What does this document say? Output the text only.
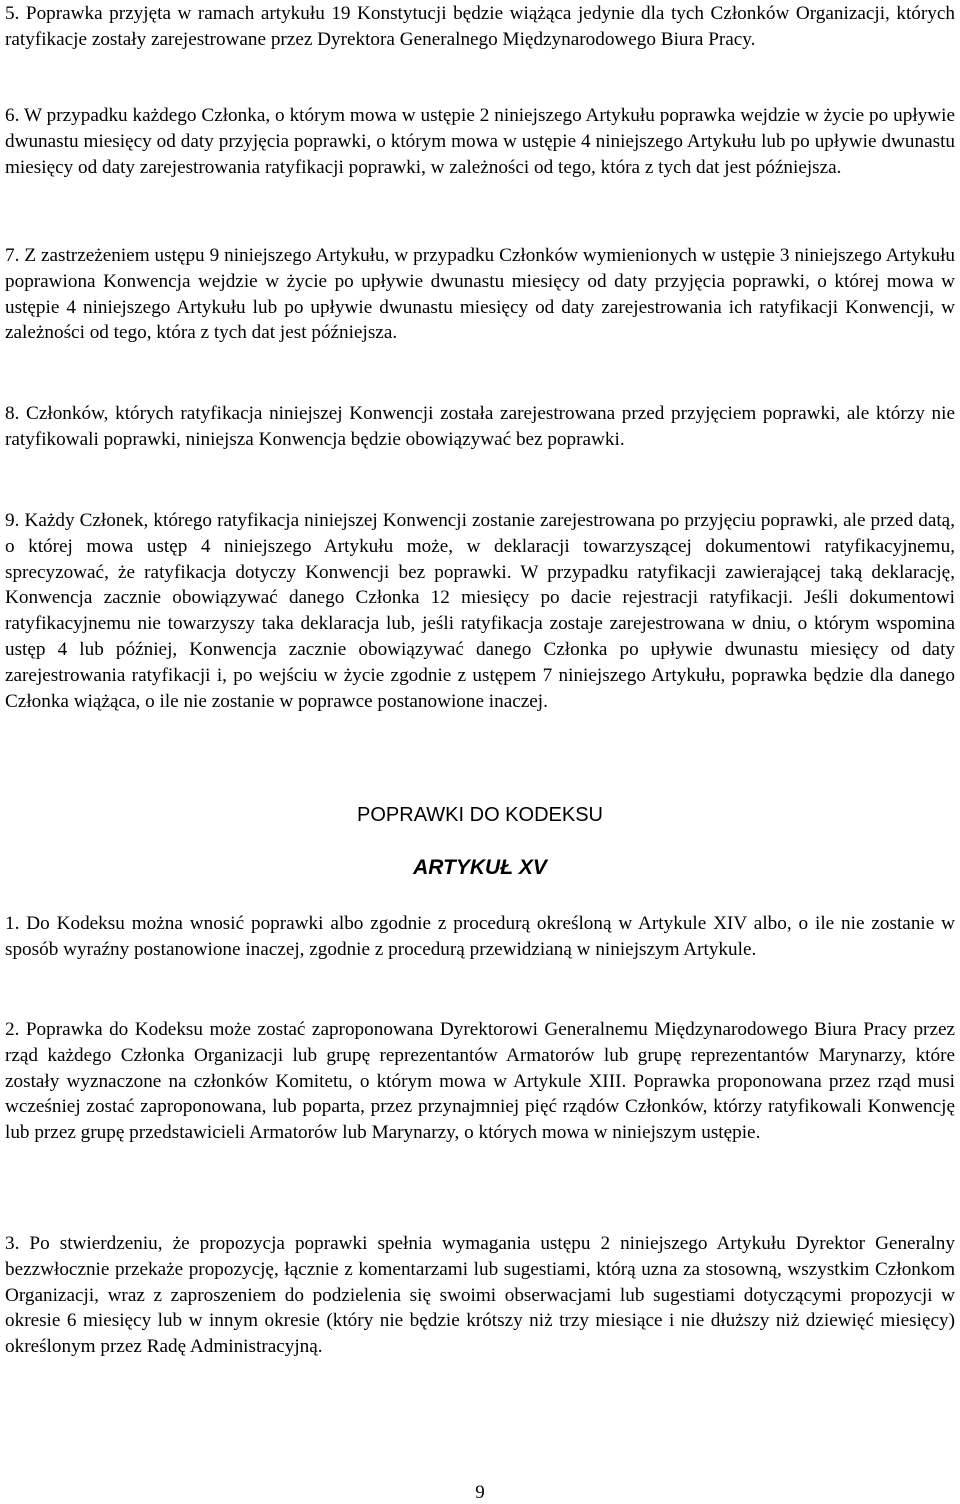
5. Poprawka przyjęta w ramach artykułu 19 Konstytucji będzie wiążąca jedynie dla tych Członków Organizacji, których ratyfikacje zostały zarejestrowane przez Dyrektora Generalnego Międzynarodowego Biura Pracy.

6. W przypadku każdego Członka, o którym mowa w ustępie 2 niniejszego Artykułu poprawka wejdzie w życie po upływie dwunastu miesięcy od daty przyjęcia poprawki, o którym mowa w ustępie 4 niniejszego Artykułu lub po upływie dwunastu miesięcy od daty zarejestrowania ratyfikacji poprawki, w zależności od tego, która z tych dat jest późniejsza.

7. Z zastrzeżeniem ustępu 9 niniejszego Artykułu, w przypadku Członków wymienionych w ustępie 3 niniejszego Artykułu poprawiona Konwencja wejdzie w życie po upływie dwunastu miesięcy od daty przyjęcia poprawki, o której mowa w ustępie 4 niniejszego Artykułu lub po upływie dwunastu miesięcy od daty zarejestrowania ich ratyfikacji Konwencji, w zależności od tego, która z tych dat jest późniejsza.

8. Członków, których ratyfikacja niniejszej Konwencji została zarejestrowana przed przyjęciem poprawki, ale którzy nie ratyfikowali poprawki, niniejsza Konwencja będzie obowiązywać bez poprawki.

9. Każdy Członek, którego ratyfikacja niniejszej Konwencji zostanie zarejestrowana po przyjęciu poprawki, ale przed datą, o której mowa ustęp 4 niniejszego Artykułu może, w deklaracji towarzyszącej dokumentowi ratyfikacyjnemu, sprecyzować, że ratyfikacja dotyczy Konwencji bez poprawki. W przypadku ratyfikacji zawierającej taką deklarację, Konwencja zacznie obowiązywać danego Członka 12 miesięcy po dacie rejestracji ratyfikacji. Jeśli dokumentowi ratyfikacyjnemu nie towarzyszy taka deklaracja lub, jeśli ratyfikacja zostaje zarejestrowana w dniu, o którym wspomina ustęp 4 lub później, Konwencja zacznie obowiązywać danego Członka po upływie dwunastu miesięcy od daty zarejestrowania ratyfikacji i, po wejściu w życie zgodnie z ustępem 7 niniejszego Artykułu, poprawka będzie dla danego Członka wiążąca, o ile nie zostanie w poprawce postanowione inaczej.

POPRAWKI DO KODEKSU
ARTYKUŁ XV

1. Do Kodeksu można wnosić poprawki albo zgodnie z procedurą określoną w Artykule XIV albo, o ile nie zostanie w sposób wyraźny postanowione inaczej, zgodnie z procedurą przewidzianą w niniejszym Artykule.

2. Poprawka do Kodeksu może zostać zaproponowana Dyrektorowi Generalnemu Międzynarodowego Biura Pracy przez rząd każdego Członka Organizacji lub grupę reprezentantów Armatorów lub grupę reprezentantów Marynarzy, które zostały wyznaczone na członków Komitetu, o którym mowa w Artykule XIII. Poprawka proponowana przez rząd musi wcześniej zostać zaproponowana, lub poparta, przez przynajmniej pięć rządów Członków, którzy ratyfikowali Konwencję lub przez grupę przedstawicieli Armatorów lub Marynarzy, o których mowa w niniejszym ustępie.

3. Po stwierdzeniu, że propozycja poprawki spełnia wymagania ustępu 2 niniejszego Artykułu Dyrektor Generalny bezzwłocznie przekaże propozycję, łącznie z komentarzami lub sugestiami, którą uzna za stosowną, wszystkim Członkom Organizacji, wraz z zaproszeniem do podzielenia się swoimi obserwacjami lub sugestiami dotyczącymi propozycji w okresie 6 miesięcy lub w innym okresie (który nie będzie krótszy niż trzy miesiące i nie dłuższy niż dziewięć miesięcy) określonym przez Radę Administracyjną.

9
